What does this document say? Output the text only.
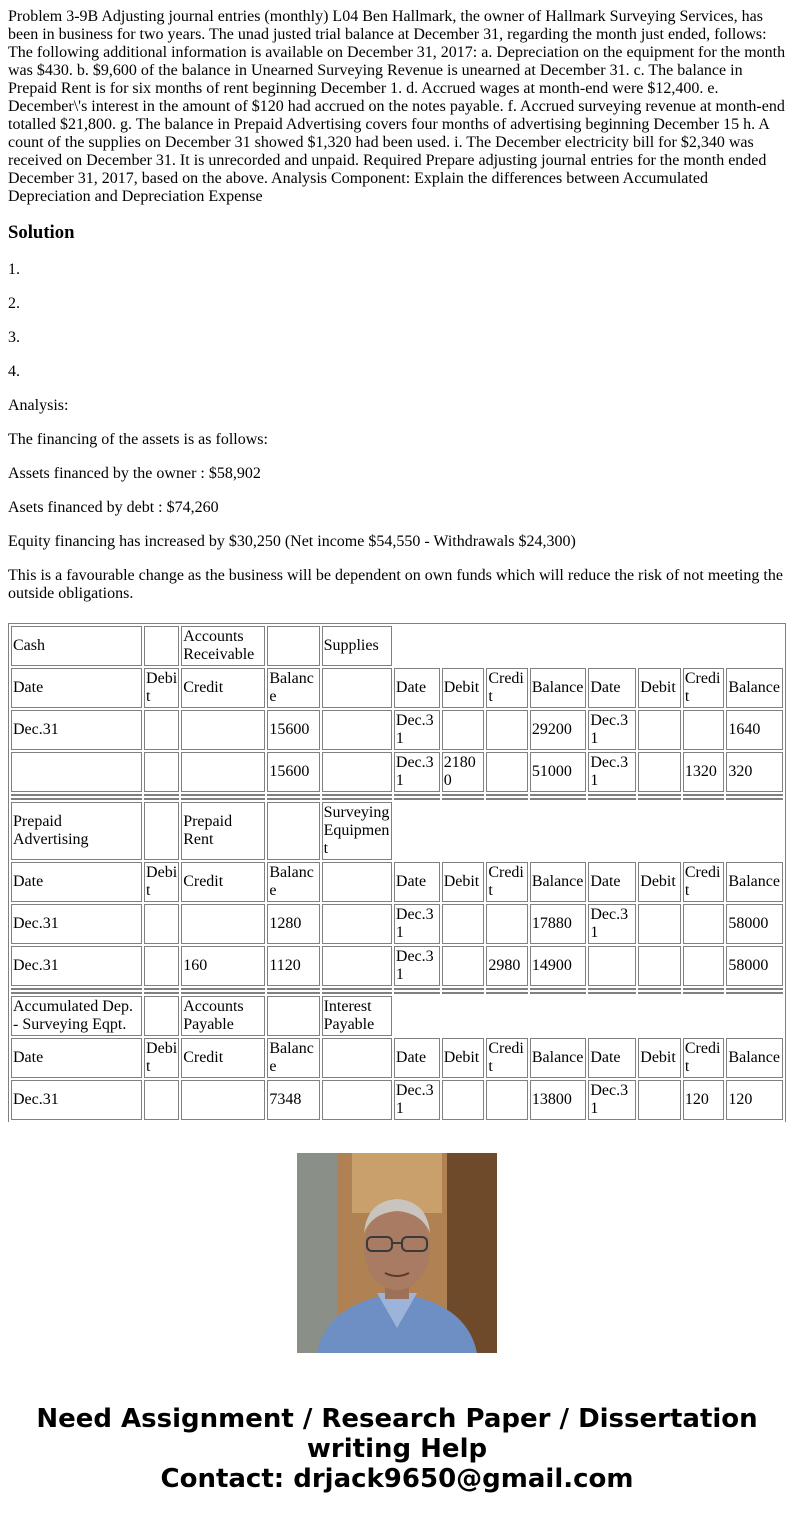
Problem 3-9B Adjusting journal entries (monthly) L04 Ben Hallmark, the owner of Hallmark Surveying Services, has been in business for two years. The unad justed trial balance at December 31, regarding the month just ended, follows: The following additional information is available on December 31, 2017: a. Depreciation on the equipment for the month was $430. b. $9,600 of the balance in Unearned Surveying Revenue is unearned at December 31. c. The balance in Prepaid Rent is for six months of rent beginning December 1. d. Accrued wages at month-end were $12,400. e. December\'s interest in the amount of $120 had accrued on the notes payable. f. Accrued surveying revenue at month-end totalled $21,800. g. The balance in Prepaid Advertising covers four months of advertising beginning December 15 h. A count of the supplies on December 31 showed $1,320 had been used. i. The December electricity bill for $2,340 was received on December 31. It is unrecorded and unpaid. Required Prepare adjusting journal entries for the month ended December 31, 2017, based on the above. Analysis Component: Explain the differences between Accumulated Depreciation and Depreciation Expense

Solution

1.

2.

3.

4.

Analysis:

The financing of the assets is as follows:

Assets financed by the owner : $58,902

Asets financed by debt : $74,260

Equity financing has increased by $30,250 (Net income $54,550 - Withdrawals $24,300)

This is a favourable change as the business will be dependent on own funds which will reduce the risk of not meeting the outside obligations.

Cash		Accounts Receivable		Supplies								
Date	Debit	Credit	Balance		Date	Debit	Credit	Balance	Date	Debit	Credit	Balance
Dec.31			15600		Dec.31			29200	Dec.31			1640
			15600		Dec.31	21800		51000	Dec.31		1320	320

Prepaid Advertising		Prepaid Rent		Surveying Equipment								
Date	Debit	Credit	Balance		Date	Debit	Credit	Balance	Date	Debit	Credit	Balance
Dec.31			1280		Dec.31			17880	Dec.31			58000
Dec.31		160	1120		Dec.31		2980	14900				58000

Accumulated Dep. - Surveying Eqpt.		Accounts Payable		Interest Payable								
Date	Debit	Credit	Balance		Date	Debit	Credit	Balance	Date	Debit	Credit	Balance
Dec.31			7348		Dec.31			13800	Dec.31		120	120

Need Assignment / Research Paper / Dissertation
writing Help
Contact: drjack9650@gmail.com
